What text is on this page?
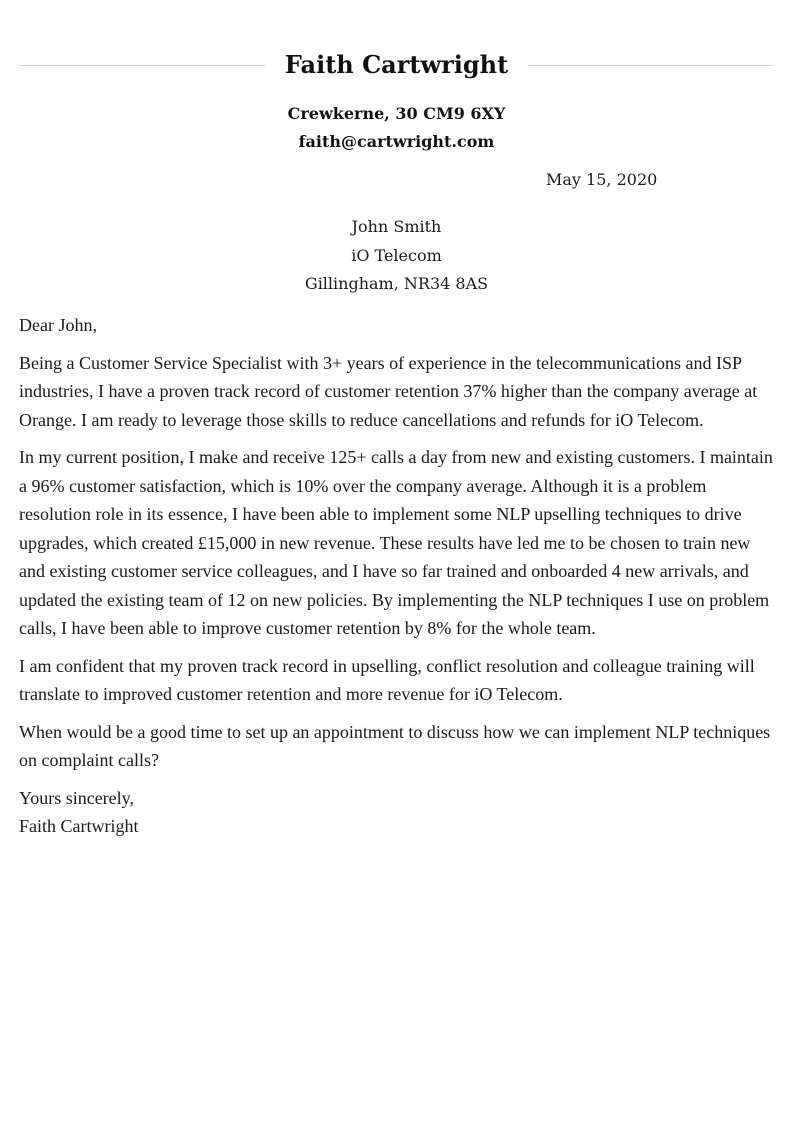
Faith Cartwright
Crewkerne, 30 CM9 6XY
faith@cartwright.com
May 15, 2020
John Smith
iO Telecom
Gillingham, NR34 8AS

Dear John,

Being a Customer Service Specialist with 3+ years of experience in the telecommunications and ISP industries, I have a proven track record of customer retention 37% higher than the company average at Orange. I am ready to leverage those skills to reduce cancellations and refunds for iO Telecom.

In my current position, I make and receive 125+ calls a day from new and existing customers. I maintain a 96% customer satisfaction, which is 10% over the company average. Although it is a problem resolution role in its essence, I have been able to implement some NLP upselling techniques to drive upgrades, which created £15,000 in new revenue. These results have led me to be chosen to train new and existing customer service colleagues, and I have so far trained and onboarded 4 new arrivals, and updated the existing team of 12 on new policies. By implementing the NLP techniques I use on problem calls, I have been able to improve customer retention by 8% for the whole team.

I am confident that my proven track record in upselling, conflict resolution and colleague training will translate to improved customer retention and more revenue for iO Telecom.

When would be a good time to set up an appointment to discuss how we can implement NLP techniques on complaint calls?

Yours sincerely,
Faith Cartwright
